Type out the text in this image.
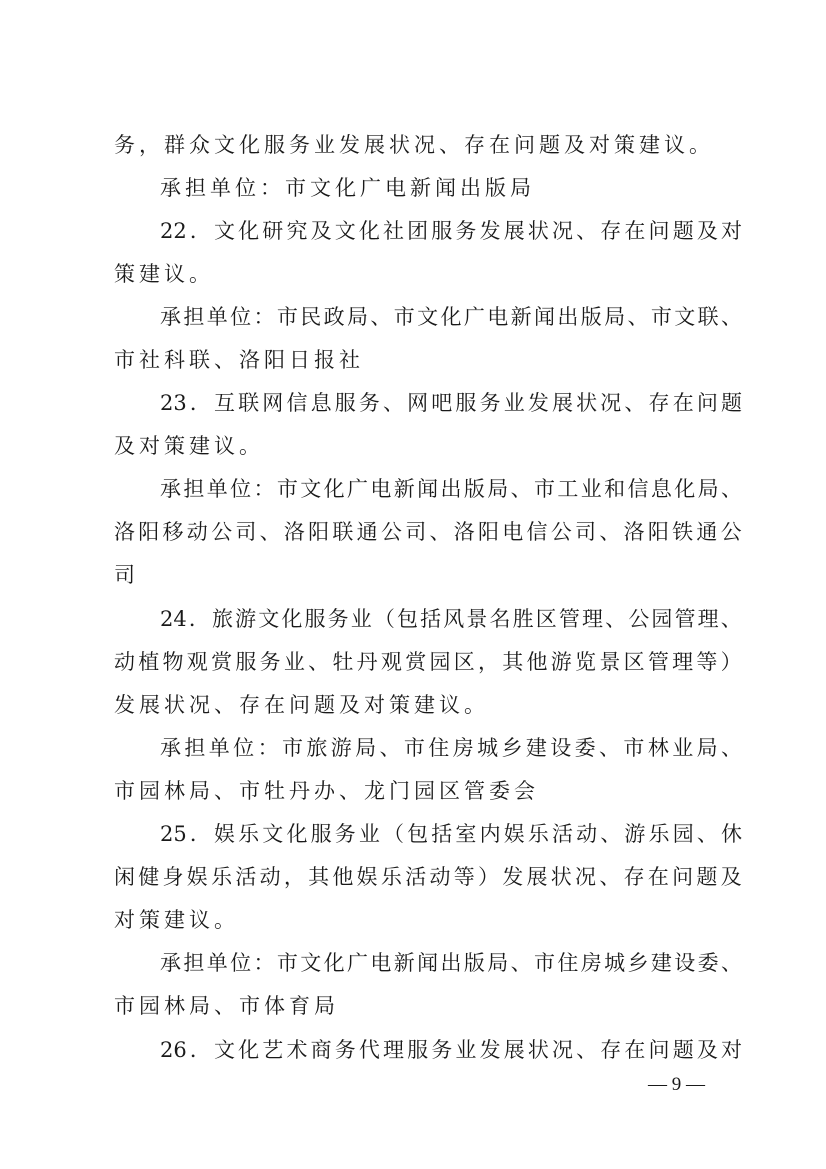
务，群众文化服务业发展状况、存在问题及对策建议。
承担单位：市文化广电新闻出版局
22 ． 文 化 研 究 及 文 化 社 团 服 务 发 展 状 况 、 存 在 问 题 及 对
策建议。
承 担 单 位 ： 市 民 政 局 、 市 文 化 广 电 新 闻 出 版 局 、 市 文 联 、
市社科联、洛阳日报社
23 ． 互 联 网 信 息 服 务 、 网 吧 服 务 业 发 展 状 况 、 存 在 问 题
及对策建议。
承 担 单 位 ： 市 文 化 广 电 新 闻 出 版 局 、 市 工 业 和 信 息 化 局 、
洛 阳 移 动 公 司 、 洛 阳 联 通 公 司 、 洛 阳 电 信 公 司 、 洛 阳 铁 通 公
司
24 ． 旅 游 文 化 服 务 业 （ 包 括 风 景 名 胜 区 管 理 、 公 园 管 理 、
动 植 物 观 赏 服 务 业 、 牡 丹 观 赏 园 区 ， 其 他 游 览 景 区 管 理 等 ）
发展状况、存在问题及对策建议。
承 担 单 位 ： 市 旅 游 局 、 市 住 房 城 乡 建 设 委 、 市 林 业 局 、
市园林局、市牡丹办、龙门园区管委会
25 ． 娱 乐 文 化 服 务 业 （ 包 括 室 内 娱 乐 活 动 、 游 乐 园 、 休
闲 健 身 娱 乐 活 动 ， 其 他 娱 乐 活 动 等 ） 发 展 状 况 、 存 在 问 题 及
对策建议。
承 担 单 位 ： 市 文 化 广 电 新 闻 出 版 局 、 市 住 房 城 乡 建 设 委 、
市园林局、市体育局
26 ． 文 化 艺 术 商 务 代 理 服 务 业 发 展 状 况 、 存 在 问 题 及 对
— 9 —
